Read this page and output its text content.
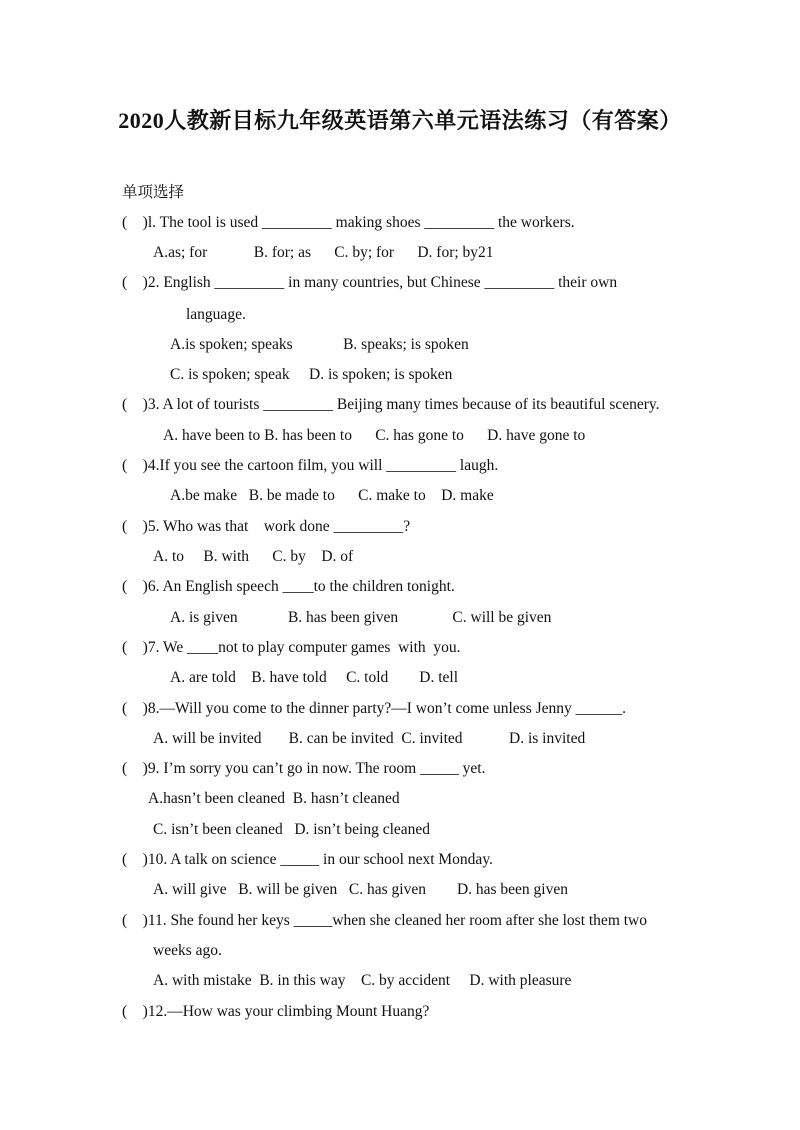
2020人教新目标九年级英语第六单元语法练习（有答案）
单项选择
(    )l. The tool is used _________ making shoes _________ the workers.
A.as; for            B. for; as      C. by; for      D. for; by21
(    )2. English _________ in many countries, but Chinese _________ their own
language.
A.is spoken; speaks             B. speaks; is spoken
C. is spoken; speak     D. is spoken; is spoken
(    )3. A lot of tourists _________ Beijing many times because of its beautiful scenery.
A. have been to B. has been to      C. has gone to      D. have gone to
(    )4.If you see the cartoon film, you will _________ laugh.
A.be make   B. be made to      C. make to    D. make
(    )5. Who was that    work done _________?
A. to     B. with      C. by    D. of
(    )6. An English speech ____to the children tonight.
A. is given             B. has been given              C. will be given
(    )7. We ____not to play computer games  with  you.
A. are told    B. have told     C. told        D. tell
(    )8.—Will you come to the dinner party?—I won’t come unless Jenny ______.
A. will be invited       B. can be invited  C. invited            D. is invited
(    )9. I’m sorry you can’t go in now. The room _____ yet.
A.hasn’t been cleaned  B. hasn’t cleaned
C. isn’t been cleaned   D. isn’t being cleaned
(    )10. A talk on science _____ in our school next Monday.
A. will give   B. will be given   C. has given        D. has been given
(    )11. She found her keys _____when she cleaned her room after she lost them two
weeks ago.
A. with mistake  B. in this way    C. by accident     D. with pleasure
(    )12.—How was your climbing Mount Huang?
